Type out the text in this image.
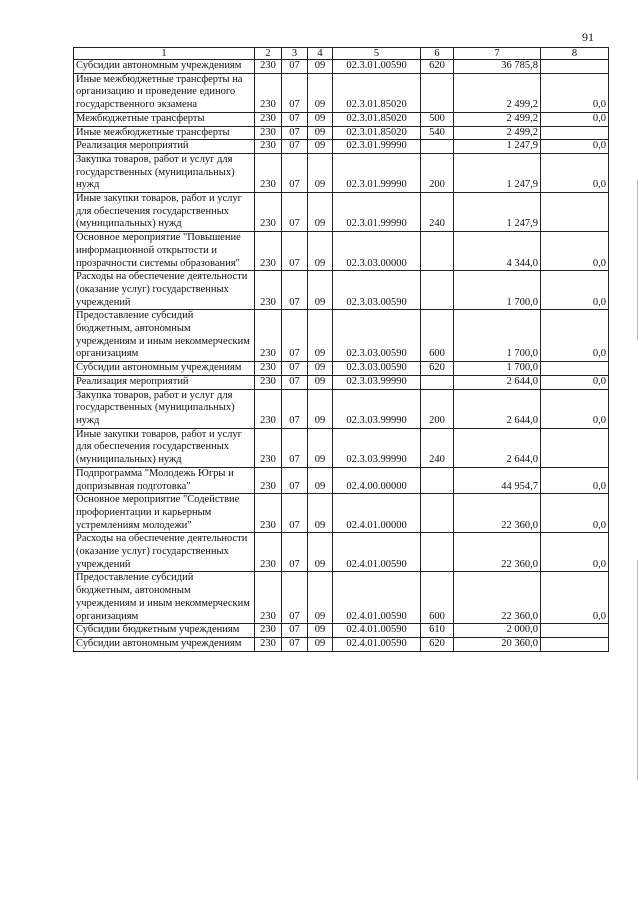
91
1	2	3	4	5	6	7	8
Субсидии автономным учреждениям	230	07	09	02.3.01.00590	620	36 785,8	
Иные межбюджетные трансферты на организацию и проведение единого государственного экзамена	230	07	09	02.3.01.85020		2 499,2	0,0
Межбюджетные трансферты	230	07	09	02.3.01.85020	500	2 499,2	0,0
Иные межбюджетные трансферты	230	07	09	02.3.01.85020	540	2 499,2	
Реализация мероприятий	230	07	09	02.3.01.99990		1 247,9	0,0
Закупка товаров, работ и услуг для государственных (муниципальных) нужд	230	07	09	02.3.01.99990	200	1 247,9	0,0
Иные закупки товаров, работ и услуг для обеспечения государственных (муниципальных) нужд	230	07	09	02.3.01.99990	240	1 247,9	
Основное мероприятие "Повышение информационной открытости и прозрачности системы образования"	230	07	09	02.3.03.00000		4 344,0	0,0
Расходы на обеспечение деятельности (оказание услуг) государственных учреждений	230	07	09	02.3.03.00590		1 700,0	0,0
Предоставление субсидий бюджетным, автономным учреждениям и иным некоммерческим организациям	230	07	09	02.3.03.00590	600	1 700,0	0,0
Субсидии автономным учреждениям	230	07	09	02.3.03.00590	620	1 700,0	
Реализация мероприятий	230	07	09	02.3.03.99990		2 644,0	0,0
Закупка товаров, работ и услуг для государственных (муниципальных) нужд	230	07	09	02.3.03.99990	200	2 644,0	0,0
Иные закупки товаров, работ и услуг для обеспечения государственных (муниципальных) нужд	230	07	09	02.3.03.99990	240	2 644,0	
Подпрограмма "Молодежь Югры и допризывная подготовка"	230	07	09	02.4.00.00000		44 954,7	0,0
Основное мероприятие "Содействие профориентации и карьерным устремлениям молодежи"	230	07	09	02.4.01.00000		22 360,0	0,0
Расходы на обеспечение деятельности (оказание услуг) государственных учреждений	230	07	09	02.4.01.00590		22 360,0	0,0
Предоставление субсидий бюджетным, автономным учреждениям и иным некоммерческим организациям	230	07	09	02.4.01.00590	600	22 360,0	0,0
Субсидии бюджетным учреждениям	230	07	09	02.4.01.00590	610	2 000,0	
Субсидии автономным учреждениям	230	07	09	02.4.01.00590	620	20 360,0	
